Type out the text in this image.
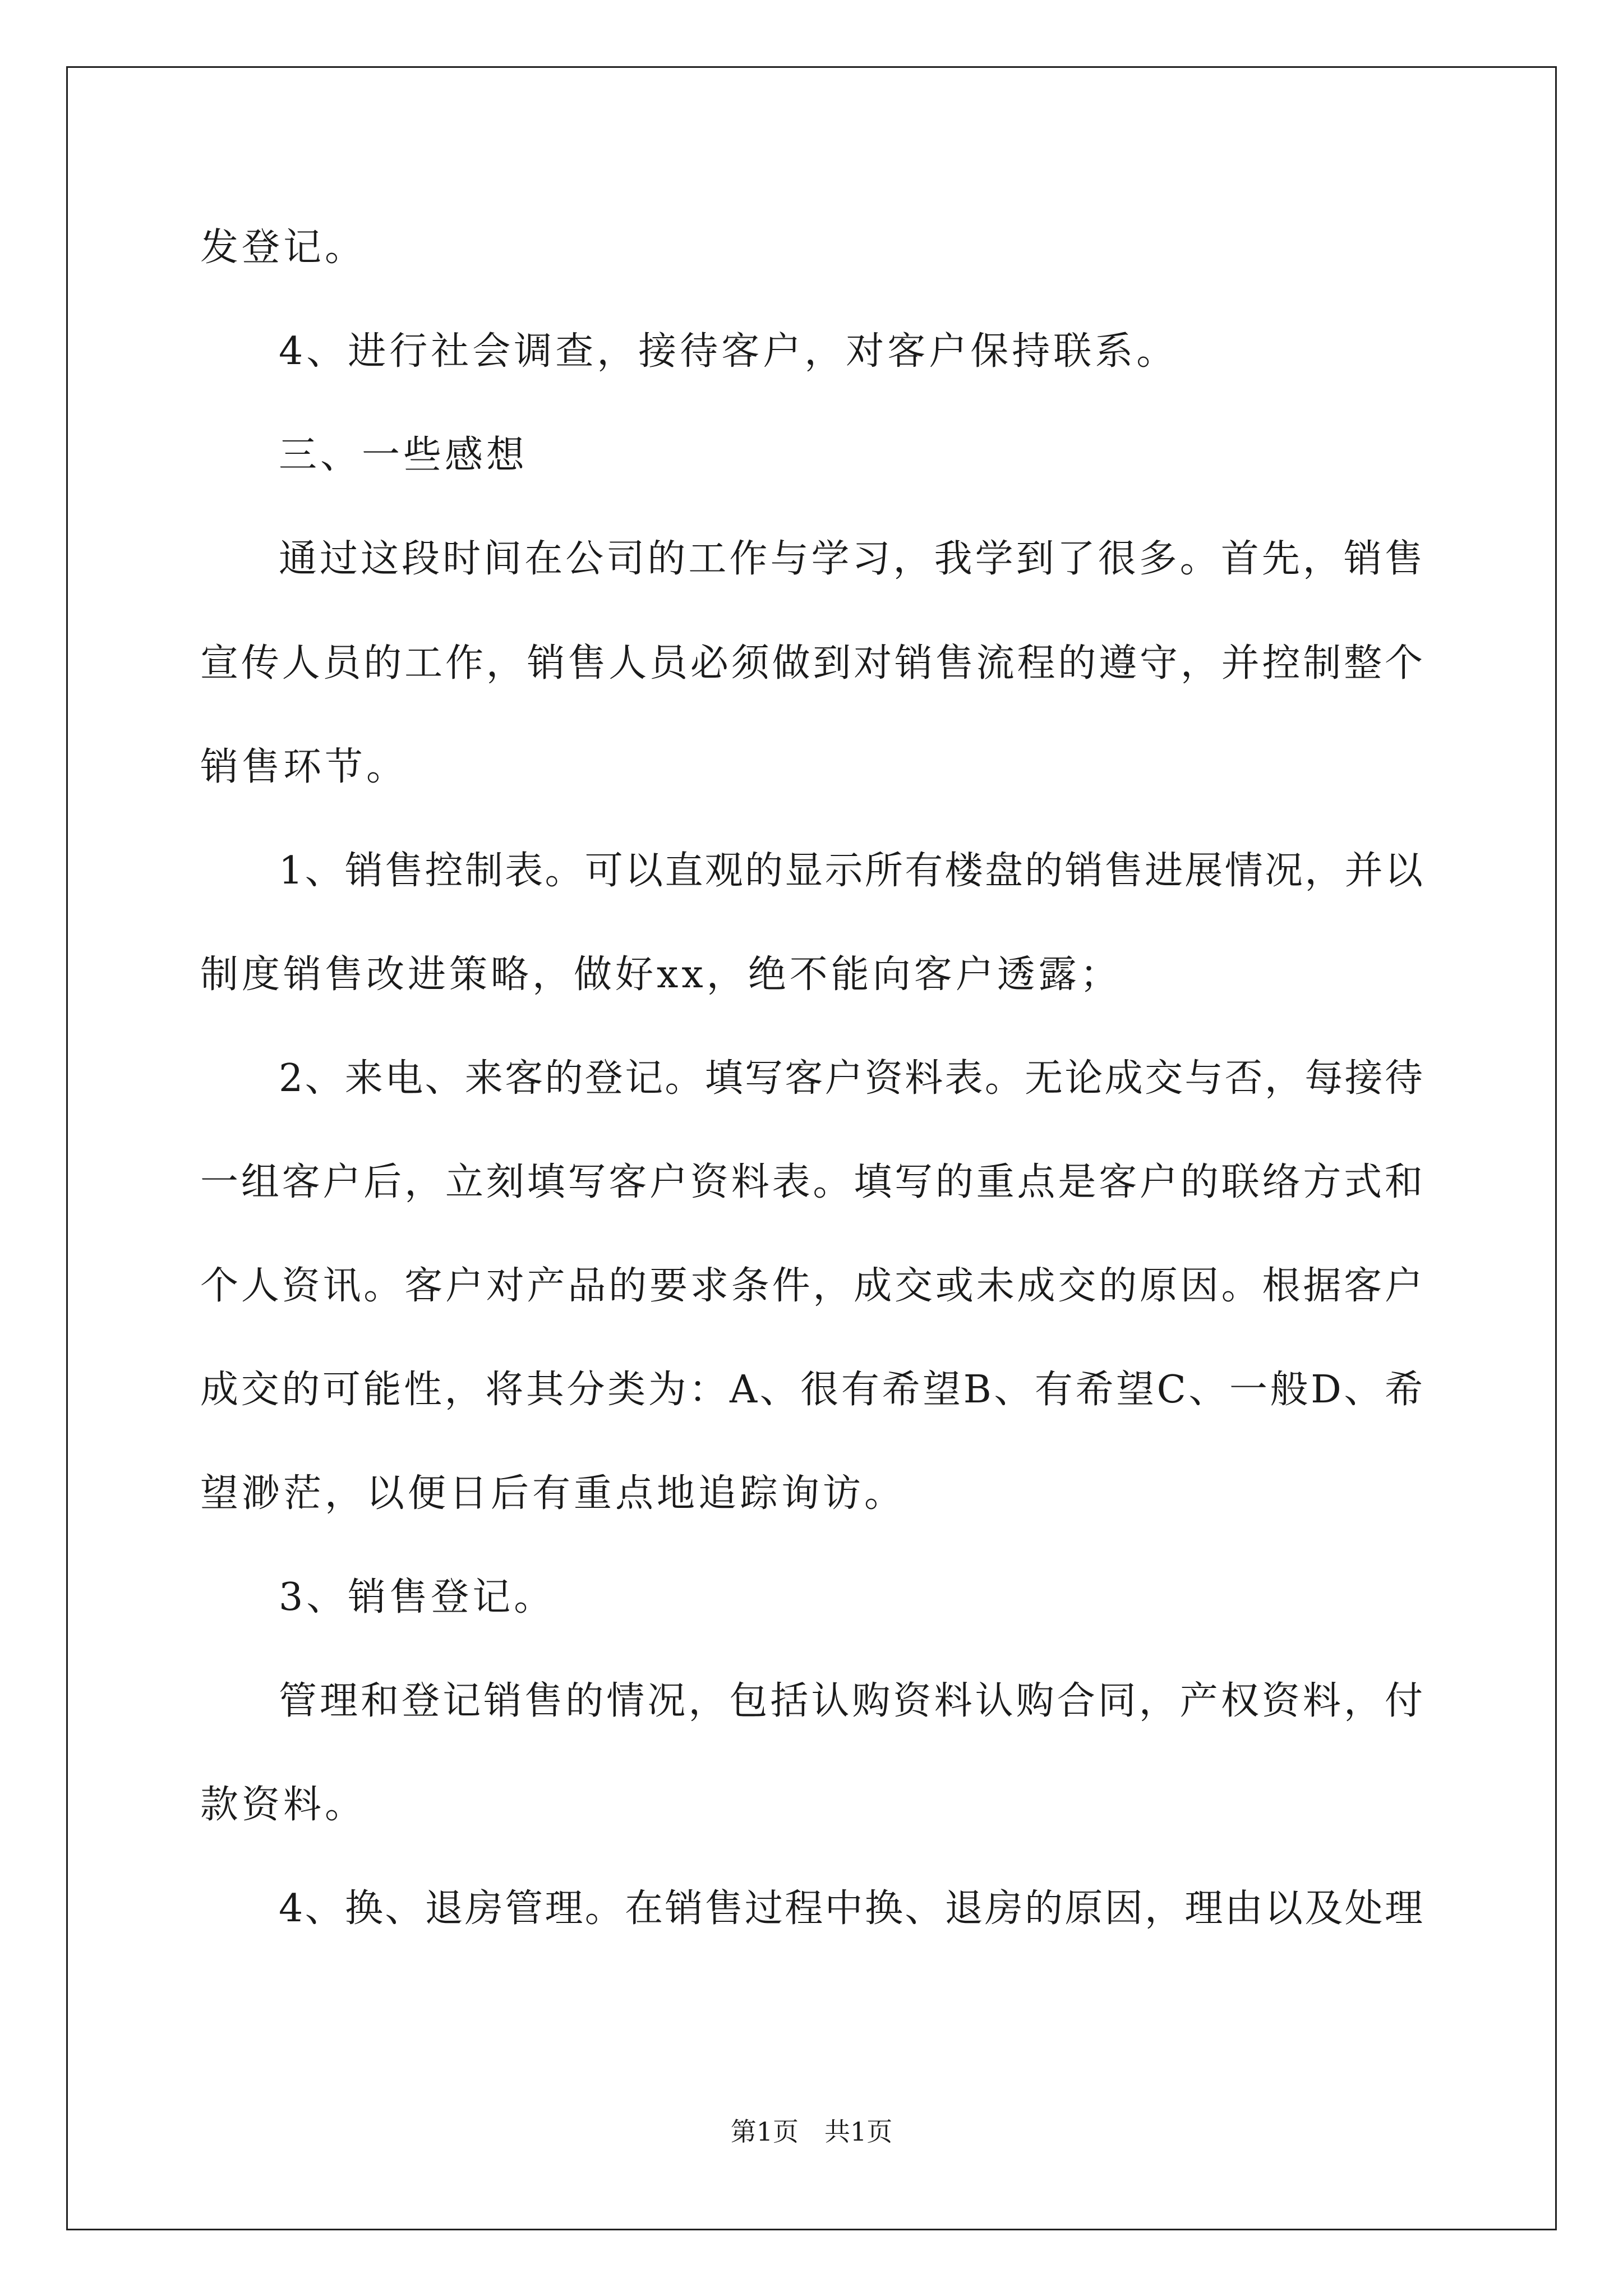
发登记。
4、进行社会调查，接待客户，对客户保持联系。
三、一些感想
通过这段时间在公司的工作与学习，我学到了很多。首先，销售
宣传人员的工作，销售人员必须做到对销售流程的遵守，并控制整个
销售环节。
1、销售控制表。可以直观的显示所有楼盘的销售进展情况，并以
制度销售改进策略，做好xx，绝不能向客户透露；
2、来电、来客的登记。填写客户资料表。无论成交与否，每接待
一组客户后，立刻填写客户资料表。填写的重点是客户的联络方式和
个人资讯。客户对产品的要求条件，成交或未成交的原因。根据客户
成交的可能性，将其分类为：A、很有希望B、有希望C、一般D、希
望渺茫，以便日后有重点地追踪询访。
3、销售登记。
管理和登记销售的情况，包括认购资料认购合同，产权资料，付
款资料。
4、换、退房管理。在销售过程中换、退房的原因，理由以及处理
第1页　共1页
